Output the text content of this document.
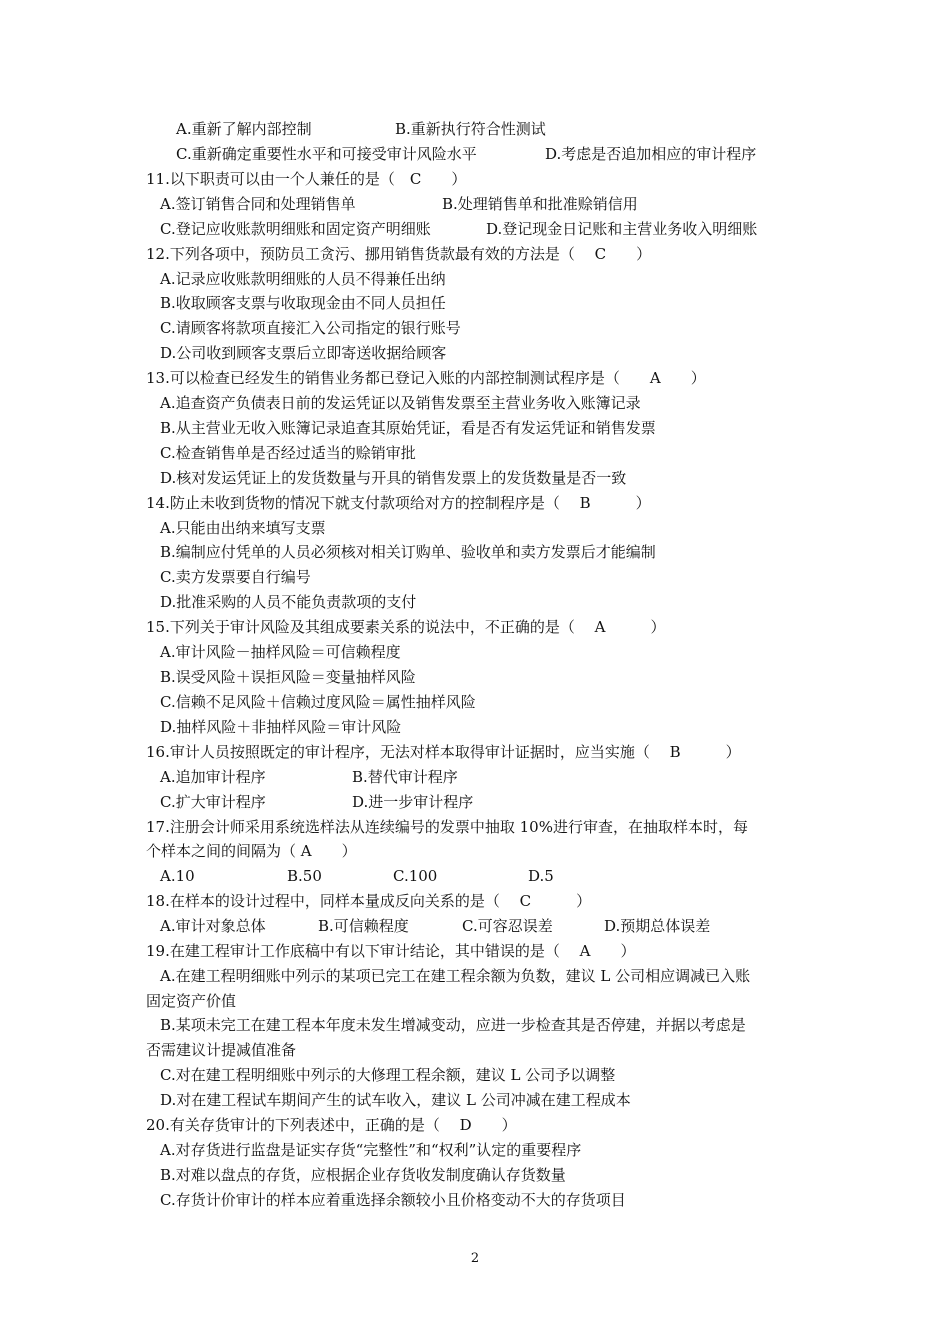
A.重新了解内部控制	B.重新执行符合性测试
C.重新确定重要性水平和可接受审计风险水平	D.考虑是否追加相应的审计程序
11.以下职责可以由一个人兼任的是（　C　　）
A.签订销售合同和处理销售单	B.处理销售单和批准赊销信用
C.登记应收账款明细账和固定资产明细账	D.登记现金日记账和主营业务收入明细账
12.下列各项中，预防员工贪污、挪用销售货款最有效的方法是（　 C　　）
A.记录应收账款明细账的人员不得兼任出纳
B.收取顾客支票与收取现金由不同人员担任
C.请顾客将款项直接汇入公司指定的银行账号
D.公司收到顾客支票后立即寄送收据给顾客
13.可以检查已经发生的销售业务都已登记入账的内部控制测试程序是（　　A　　）
A.追查资产负债表日前的发运凭证以及销售发票至主营业务收入账簿记录
B.从主营业无收入账簿记录追查其原始凭证，看是否有发运凭证和销售发票
C.检查销售单是否经过适当的赊销审批
D.核对发运凭证上的发货数量与开具的销售发票上的发货数量是否一致
14.防止未收到货物的情况下就支付款项给对方的控制程序是（　 B　　　）
A.只能由出纳来填写支票
B.编制应付凭单的人员必须核对相关订购单、验收单和卖方发票后才能编制
C.卖方发票要自行编号
D.批准采购的人员不能负责款项的支付
15.下列关于审计风险及其组成要素关系的说法中，不正确的是（　 A　　　）
A.审计风险－抽样风险＝可信赖程度
B.误受风险＋误拒风险＝变量抽样风险
C.信赖不足风险＋信赖过度风险＝属性抽样风险
D.抽样风险＋非抽样风险＝审计风险
16.审计人员按照既定的审计程序，无法对样本取得审计证据时，应当实施（　 B　　　）
A.追加审计程序	B.替代审计程序
C.扩大审计程序	D.进一步审计程序
17.注册会计师采用系统选样法从连续编号的发票中抽取 10%进行审查，在抽取样本时，每
个样本之间的间隔为（ A　　）
A.10	B.50	C.100	D.5
18.在样本的设计过程中，同样本量成反向关系的是（　 C　　　）
A.审计对象总体	B.可信赖程度	C.可容忍误差	D.预期总体误差
19.在建工程审计工作底稿中有以下审计结论，其中错误的是（　 A　　）
A.在建工程明细账中列示的某项已完工在建工程余额为负数，建议 L 公司相应调减已入账
固定资产价值
B.某项未完工在建工程本年度未发生增减变动，应进一步检查其是否停建，并据以考虑是
否需建议计提减值准备
C.对在建工程明细账中列示的大修理工程余额，建议 L 公司予以调整
D.对在建工程试车期间产生的试车收入，建议 L 公司冲减在建工程成本
20.有关存货审计的下列表述中，正确的是（　 D　　）
A.对存货进行监盘是证实存货“完整性”和“权利”认定的重要程序
B.对难以盘点的存货，应根据企业存货收发制度确认存货数量
C.存货计价审计的样本应着重选择余额较小且价格变动不大的存货项目
2
